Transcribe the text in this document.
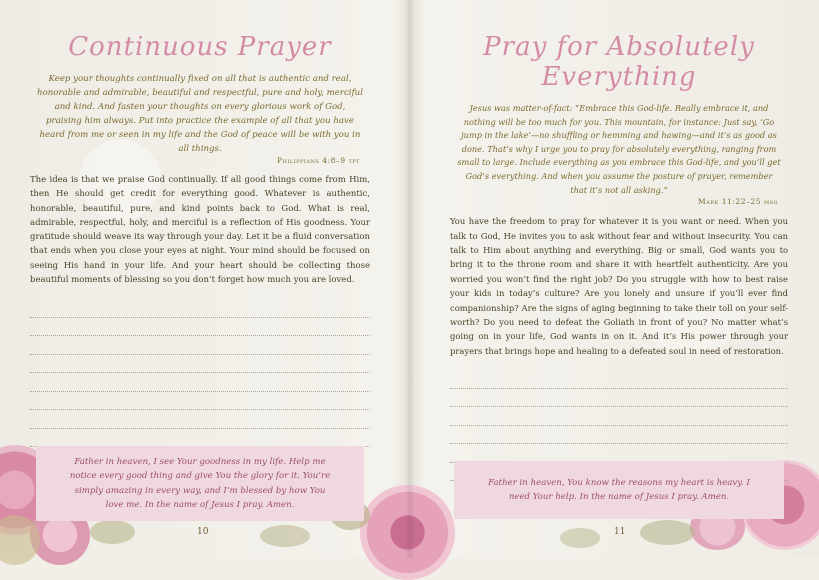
Continuous Prayer
Keep your thoughts continually fixed on all that is authentic and real, honorable and admirable, beautiful and respectful, pure and holy, merciful and kind. And fasten your thoughts on every glorious work of God, praising him always. Put into practice the example of all that you have heard from me or seen in my life and the God of peace will be with you in all things.
Philippians 4:8–9 tpt
The idea is that we praise God continually. If all good things come from Him, then He should get credit for everything good. Whatever is authentic, honorable, beautiful, pure, and kind points back to God. What is real, admirable, respectful, holy, and merciful is a reflection of His goodness. Your gratitude should weave its way through your day. Let it be a fluid conversation that ends when you close your eyes at night. Your mind should be focused on seeing His hand in your life. And your heart should be collecting those beautiful moments of blessing so you don’t forget how much you are loved.
Father in heaven, I see Your goodness in my life. Help me notice every good thing and give You the glory for it. You’re simply amazing in every way, and I’m blessed by how You love me. In the name of Jesus I pray. Amen.
10
Pray for Absolutely Everything
Jesus was matter-of-fact: “Embrace this God-life. Really embrace it, and nothing will be too much for you. This mountain, for instance: Just say, ‘Go jump in the lake’—no shuffling or hemming and hawing—and it’s as good as done. That’s why I urge you to pray for absolutely everything, ranging from small to large. Include everything as you embrace this God-life, and you’ll get God’s everything. And when you assume the posture of prayer, remember that it’s not all asking.”
Mark 11:22–25 msg
You have the freedom to pray for whatever it is you want or need. When you talk to God, He invites you to ask without fear and without insecurity. You can talk to Him about anything and everything. Big or small, God wants you to bring it to the throne room and share it with heartfelt authenticity. Are you worried you won’t find the right job? Do you struggle with how to best raise your kids in today’s culture? Are you lonely and unsure if you’ll ever find companionship? Are the signs of aging beginning to take their toll on your self-worth? Do you need to defeat the Goliath in front of you? No matter what’s going on in your life, God wants in on it. And it’s His power through your prayers that brings hope and healing to a defeated soul in need of restoration.
Father in heaven, You know the reasons my heart is heavy. I need Your help. In the name of Jesus I pray. Amen.
11
